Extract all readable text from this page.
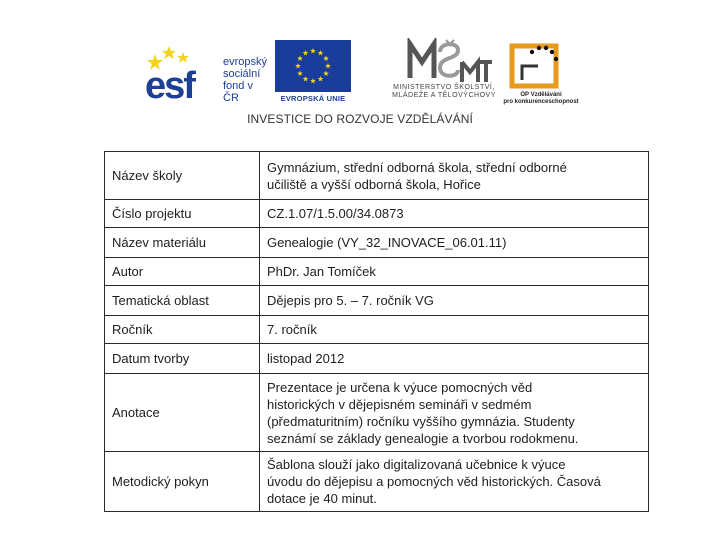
esf
evropský
sociální
fond v ČR	EVROPSKÁ UNIE
MINISTERSTVO ŠKOLSTVÍ,
MLÁDEŽE A TĚLOVÝCHOVY	OP Vzdělávání
pro konkurenceschopnost
INVESTICE DO ROZVOJE VZDĚLÁVÁNÍ
Název školy	Gymnázium, střední odborná škola, střední odborné
učiliště a vyšší odborná škola, Hořice

Číslo projektu	CZ.1.07/1.5.00/34.0873

Název materiálu	Genealogie (VY_32_INOVACE_06.01.11)

Autor	PhDr. Jan Tomíček

Tematická oblast	Dějepis pro 5. – 7. ročník VG

Ročník	7. ročník

Datum tvorby	listopad 2012

Anotace	Prezentace je určena k výuce pomocných věd
historických v dějepisném semináři v sedmém
(předmaturitním) ročníku vyššího gymnázia. Studenty
seznámí se základy genealogie a tvorbou rodokmenu.

Metodický pokyn	Šablona slouží jako digitalizovaná učebnice k výuce
úvodu do dějepisu a pomocných věd historických. Časová
dotace je 40 minut.
